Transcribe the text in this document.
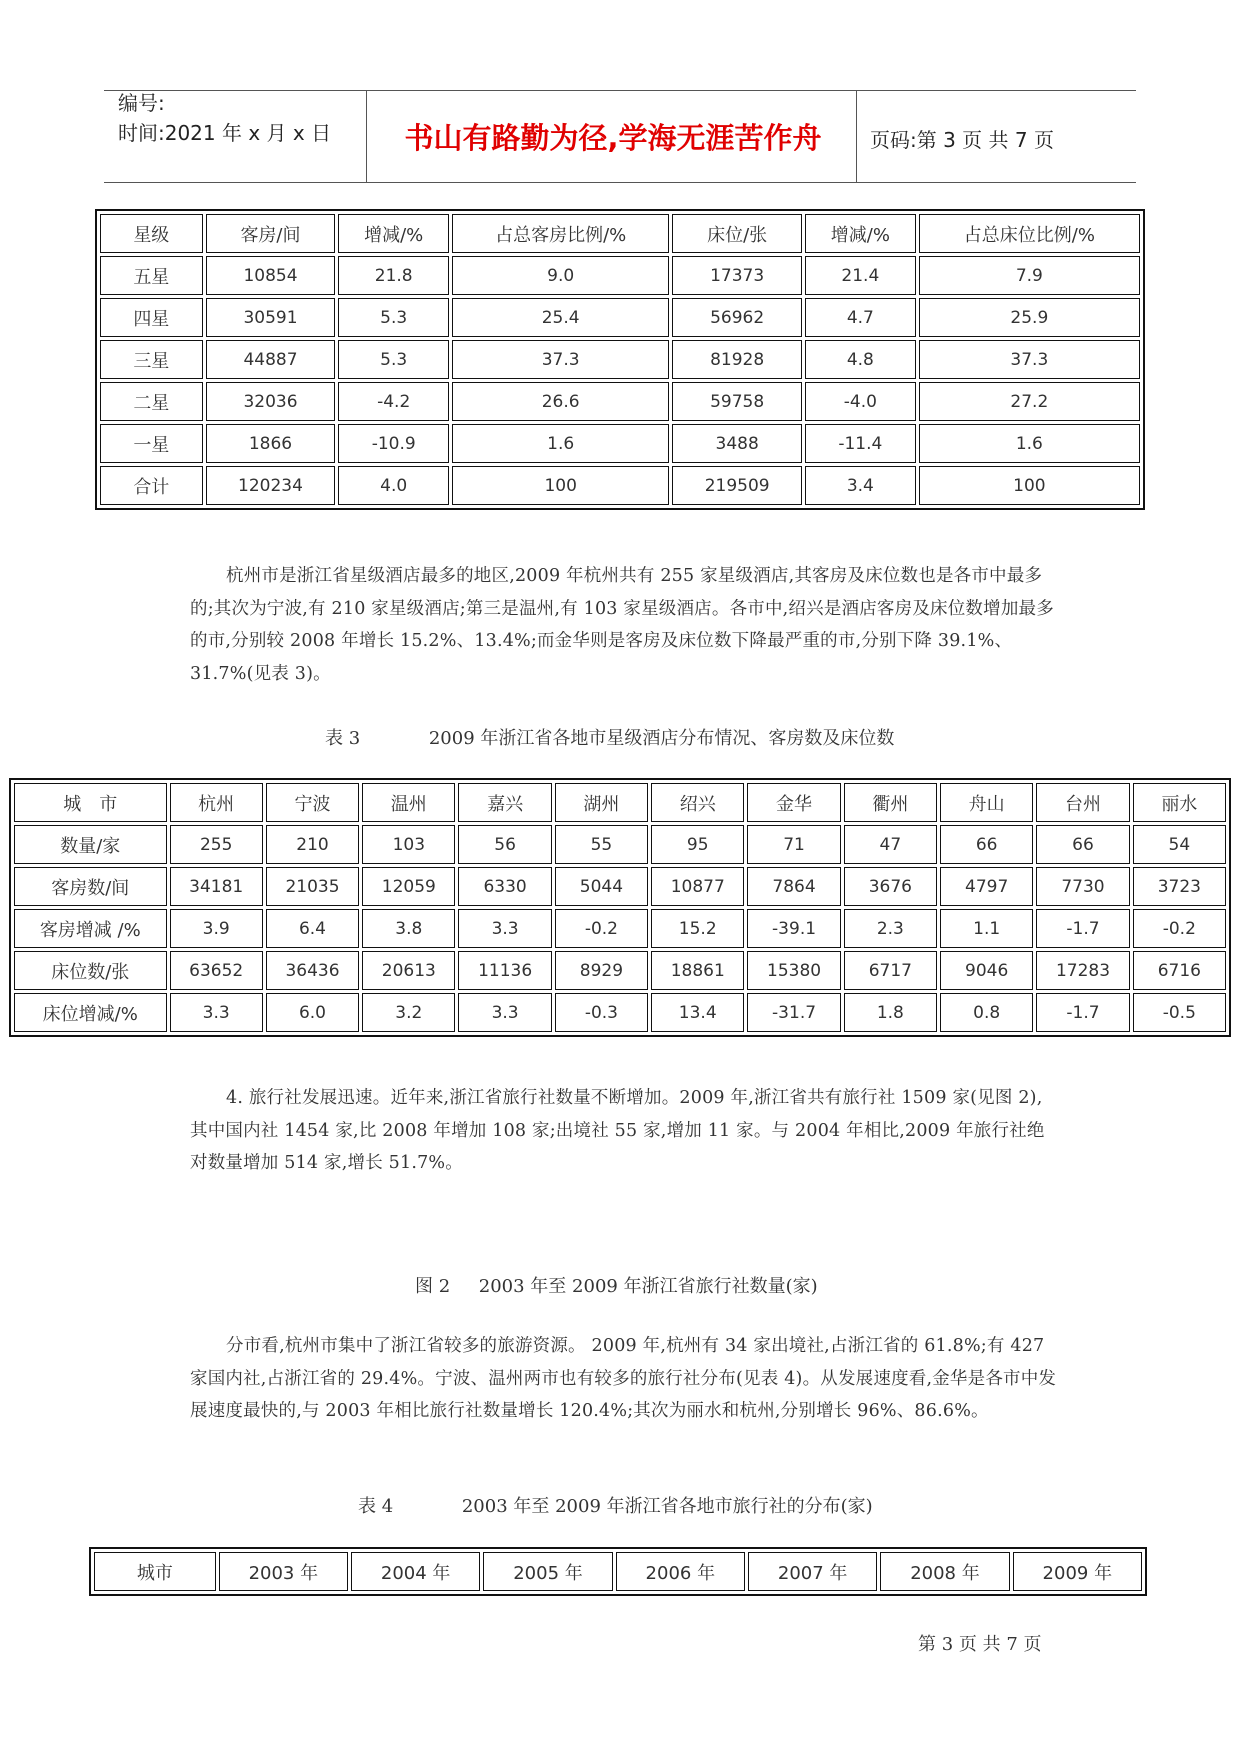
编号:
时间:2021 年 x 月 x 日	书山有路勤为径,学海无涯苦作舟	页码:第 3 页 共 7 页
星级	客房/间	增减/%	占总客房比例/%	床位/张	增减/%	占总床位比例/%
五星	10854	21.8	9.0	17373	21.4	7.9
四星	30591	5.3	25.4	56962	4.7	25.9
三星	44887	5.3	37.3	81928	4.8	37.3
二星	32036	-4.2	26.6	59758	-4.0	27.2
一星	1866	-10.9	1.6	3488	-11.4	1.6
合计	120234	4.0	100	219509	3.4	100
杭州市是浙江省星级酒店最多的地区,2009 年杭州共有 255 家星级酒店,其客房及床位数也是各市中最多的;其次为宁波,有 210 家星级酒店;第三是温州,有 103 家星级酒店。各市中,绍兴是酒店客房及床位数增加最多的市,分别较 2008 年增长 15.2%、13.4%;而金华则是客房及床位数下降最严重的市,分别下降 39.1%、31.7%(见表 3)。
表 3            2009 年浙江省各地市星级酒店分布情况、客房数及床位数
城　市	杭州	宁波	温州	嘉兴	湖州	绍兴	金华	衢州	舟山	台州	丽水
数量/家	255	210	103	56	55	95	71	47	66	66	54
客房数/间	34181	21035	12059	6330	5044	10877	7864	3676	4797	7730	3723
客房增减 /%	3.9	6.4	3.8	3.3	-0.2	15.2	-39.1	2.3	1.1	-1.7	-0.2
床位数/张	63652	36436	20613	11136	8929	18861	15380	6717	9046	17283	6716
床位增减/%	3.3	6.0	3.2	3.3	-0.3	13.4	-31.7	1.8	0.8	-1.7	-0.5
4. 旅行社发展迅速。近年来,浙江省旅行社数量不断增加。2009 年,浙江省共有旅行社 1509 家(见图 2),其中国内社 1454 家,比 2008 年增加 108 家;出境社 55 家,增加 11 家。与 2004 年相比,2009 年旅行社绝对数量增加 514 家,增长 51.7%。
图 2     2003 年至 2009 年浙江省旅行社数量(家)
分市看,杭州市集中了浙江省较多的旅游资源。 2009 年,杭州有 34 家出境社,占浙江省的 61.8%;有 427 家国内社,占浙江省的 29.4%。宁波、温州两市也有较多的旅行社分布(见表 4)。从发展速度看,金华是各市中发展速度最快的,与 2003 年相比旅行社数量增长 120.4%;其次为丽水和杭州,分别增长 96%、86.6%。
表 4            2003 年至 2009 年浙江省各地市旅行社的分布(家)
城市	2003 年	2004 年	2005 年	2006 年	2007 年	2008 年	2009 年
第 3 页 共 7 页
